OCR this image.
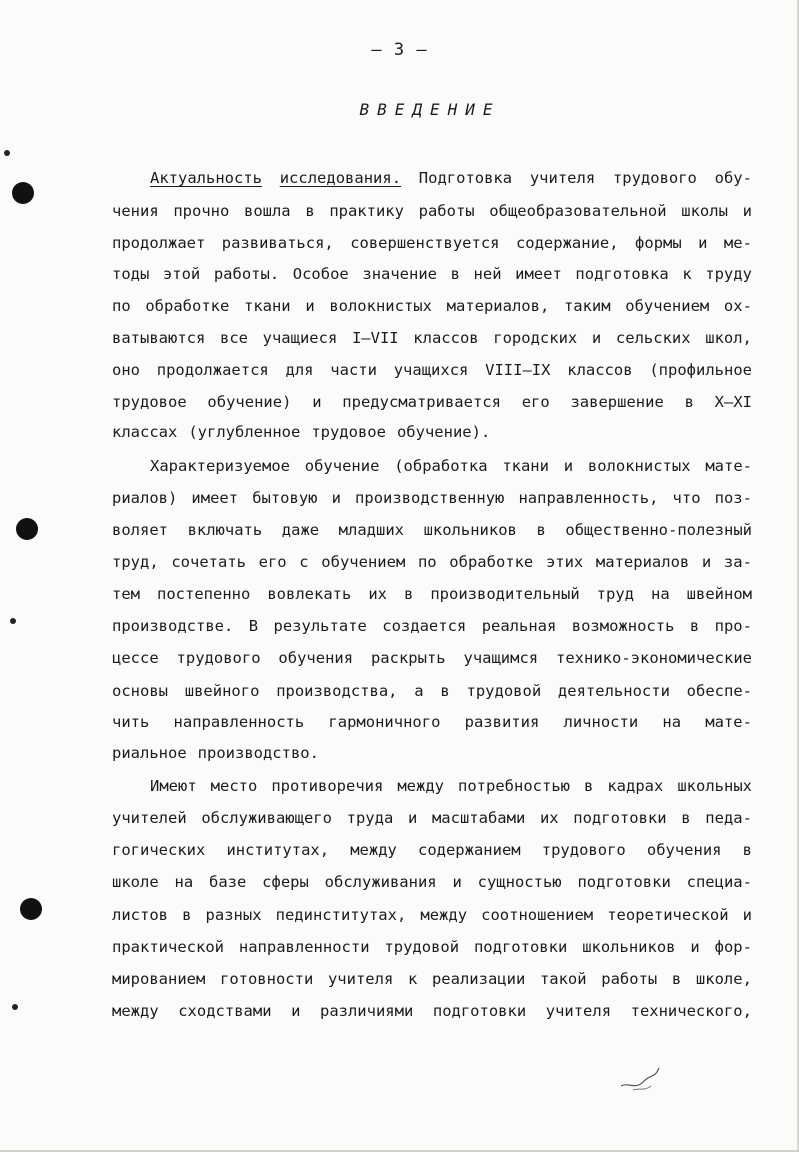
– 3 –
ВВЕДЕНИЕ
Актуальность исследования. Подготовка учителя трудового обу-
чения прочно вошла в практику работы общеобразовательной школы и
продолжает развиваться, совершенствуется содержание, формы и ме-
тоды этой работы. Особое значение в ней имеет подготовка к труду
по обработке ткани и волокнистых материалов, таким обучением ох-
ватываются все учащиеся I–VII классов городских и сельских школ,
оно продолжается для части учащихся VIII–IX классов (профильное
трудовое обучение) и предусматривается его завершение в X–XI
классах (углубленное трудовое обучение).
Характеризуемое обучение (обработка ткани и волокнистых мате-
риалов) имеет бытовую и производственную направленность, что поз-
воляет включать даже младших школьников в общественно-полезный
труд, сочетать его с обучением по обработке этих материалов и за-
тем постепенно вовлекать их в производительный труд на швейном
производстве. В результате создается реальная возможность в про-
цессе трудового обучения раскрыть учащимся технико-экономические
основы швейного производства, а в трудовой деятельности обеспе-
чить направленность гармоничного развития личности на мате-
риальное производство.
Имеют место противоречия между потребностью в кадрах школьных
учителей обслуживающего труда и масштабами их подготовки в педа-
гогических институтах, между содержанием трудового обучения в
школе на базе сферы обслуживания и сущностью подготовки специа-
листов в разных пединститутах, между соотношением теоретической и
практической направленности трудовой подготовки школьников и фор-
мированием готовности учителя к реализации такой работы в школе,
между сходствами и различиями подготовки учителя технического,
